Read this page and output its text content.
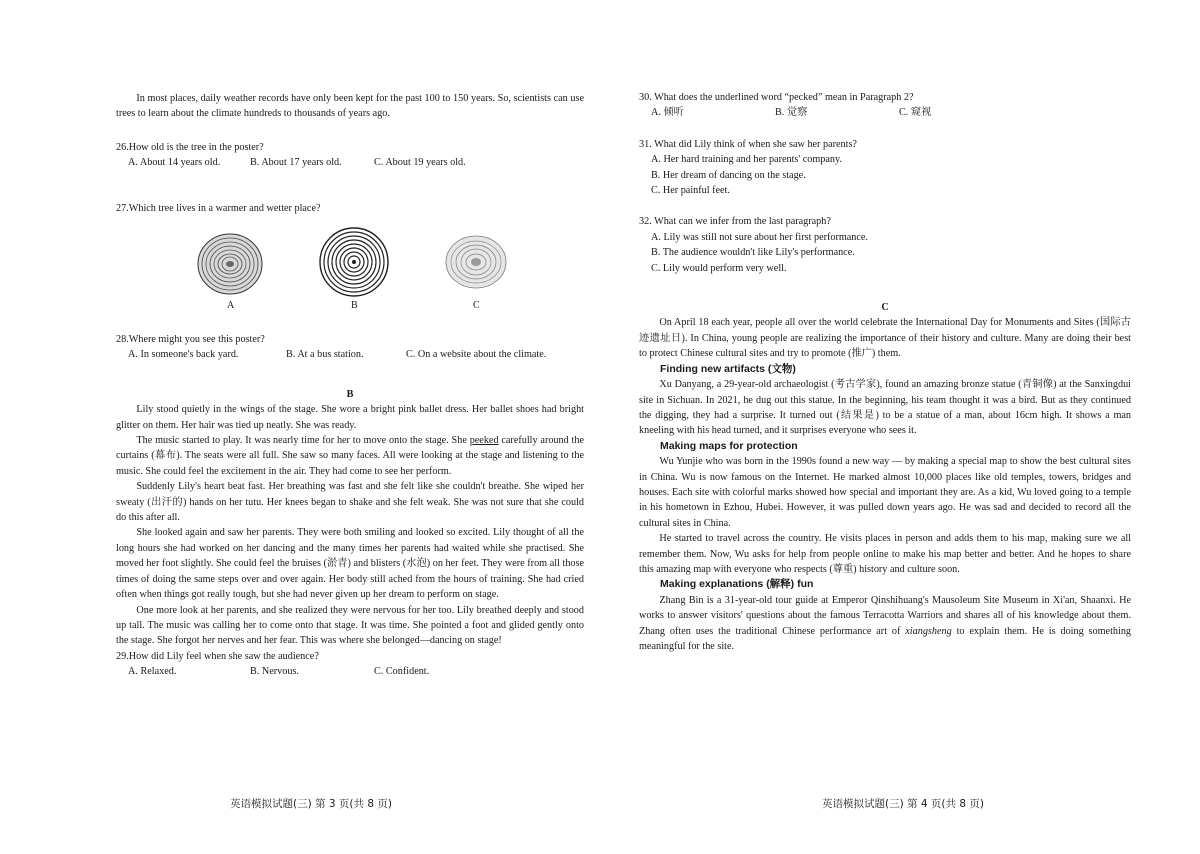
In most places, daily weather records have only been kept for the past 100 to 150 years. So, scientists can use trees to learn about the climate hundreds to thousands of years ago.

26.How old is the tree in the poster?

A. About 14 years old.	B. About 17 years old.	C. About 19 years old.

27.Which tree lives in a warmer and wetter place?

A	B	C

28.Where might you see this poster?

A. In someone's back yard.	B. At a bus station.	C. On a website about the climate.

B

Lily stood quietly in the wings of the stage. She wore a bright pink ballet dress. Her ballet shoes had bright glitter on them. Her hair was tied up neatly. She was ready.

The music started to play. It was nearly time for her to move onto the stage. She peeked carefully around the curtains (幕布). The seats were all full. She saw so many faces. All were looking at the stage and listening to the music. She could feel the excitement in the air. They had come to see her perform.

Suddenly Lily's heart beat fast. Her breathing was fast and she felt like she couldn't breathe. She wiped her sweaty (出汗的) hands on her tutu. Her knees began to shake and she felt weak. She was not sure that she could do this after all.

She looked again and saw her parents. They were both smiling and looked so excited. Lily thought of all the long hours she had worked on her dancing and the many times her parents had waited while she practised. She moved her foot slightly. She could feel the bruises (淤青) and blisters (水泡) on her feet. They were from all those times of doing the same steps over and over again. Her body still ached from the hours of training. She had cried often when things got really tough, but she had never given up her dream to perform on stage.

One more look at her parents, and she realized they were nervous for her too. Lily breathed deeply and stood up tall. The music was calling her to come onto that stage. It was time. She pointed a foot and glided gently onto the stage. She forgot her nerves and her fear. This was where she belonged—dancing on stage!

29.How did Lily feel when she saw the audience?

A. Relaxed.	B. Nervous.	C. Confident.
英语模拟试题(三) 第 3 页(共 8 页)

30. What does the underlined word “pecked” mean in Paragraph 2?

A. 倾听	B. 觉察	C. 窥视

31. What did Lily think of when she saw her parents?

A. Her hard training and her parents' company.

B. Her dream of dancing on the stage.

C. Her painful feet.

32. What can we infer from the last paragraph?

A. Lily was still not sure about her first performance.

B. The audience wouldn't like Lily's performance.

C. Lily would perform very well.

C

On April 18 each year, people all over the world celebrate the International Day for Monuments and Sites (国际古迹遗址日). In China, young people are realizing the importance of their history and culture. Many are doing their best to protect Chinese cultural sites and try to promote (推广) them.

Finding new artifacts (文物)

Xu Danyang, a 29-year-old archaeologist (考古学家), found an amazing bronze statue (青铜像) at the Sanxingdui site in Sichuan. In 2021, he dug out this statue. In the beginning, his team thought it was a bird. But as they continued the digging, they had a surprise. It turned out (结果是) to be a statue of a man, about 16cm high. It shows a man kneeling with his head turned, and it surprises everyone who sees it.

Making maps for protection

Wu Yunjie who was born in the 1990s found a new way — by making a special map to show the best cultural sites in China. Wu is now famous on the Internet. He marked almost 10,000 places like old temples, towers, bridges and houses. Each site with colorful marks showed how special and important they are. As a kid, Wu loved going to a temple in his hometown in Ezhou, Hubei. However, it was pulled down years ago. He was sad and decided to record all the cultural sites in China.

He started to travel across the country. He visits places in person and adds them to his map, making sure we all remember them. Now, Wu asks for help from people online to make his map better and better. And he hopes to share this amazing map with everyone who respects (尊重) history and culture soon.

Making explanations (解释) fun

Zhang Bin is a 31-year-old tour guide at Emperor Qinshihuang's Mausoleum Site Museum in Xi'an, Shaanxi. He works to answer visitors' questions about the famous Terracotta Warriors and shares all of his knowledge about them. Zhang often uses the traditional Chinese performance art of xiangsheng to explain them. He is doing something meaningful for the site.

英语模拟试题(三) 第 4 页(共 8 页)
